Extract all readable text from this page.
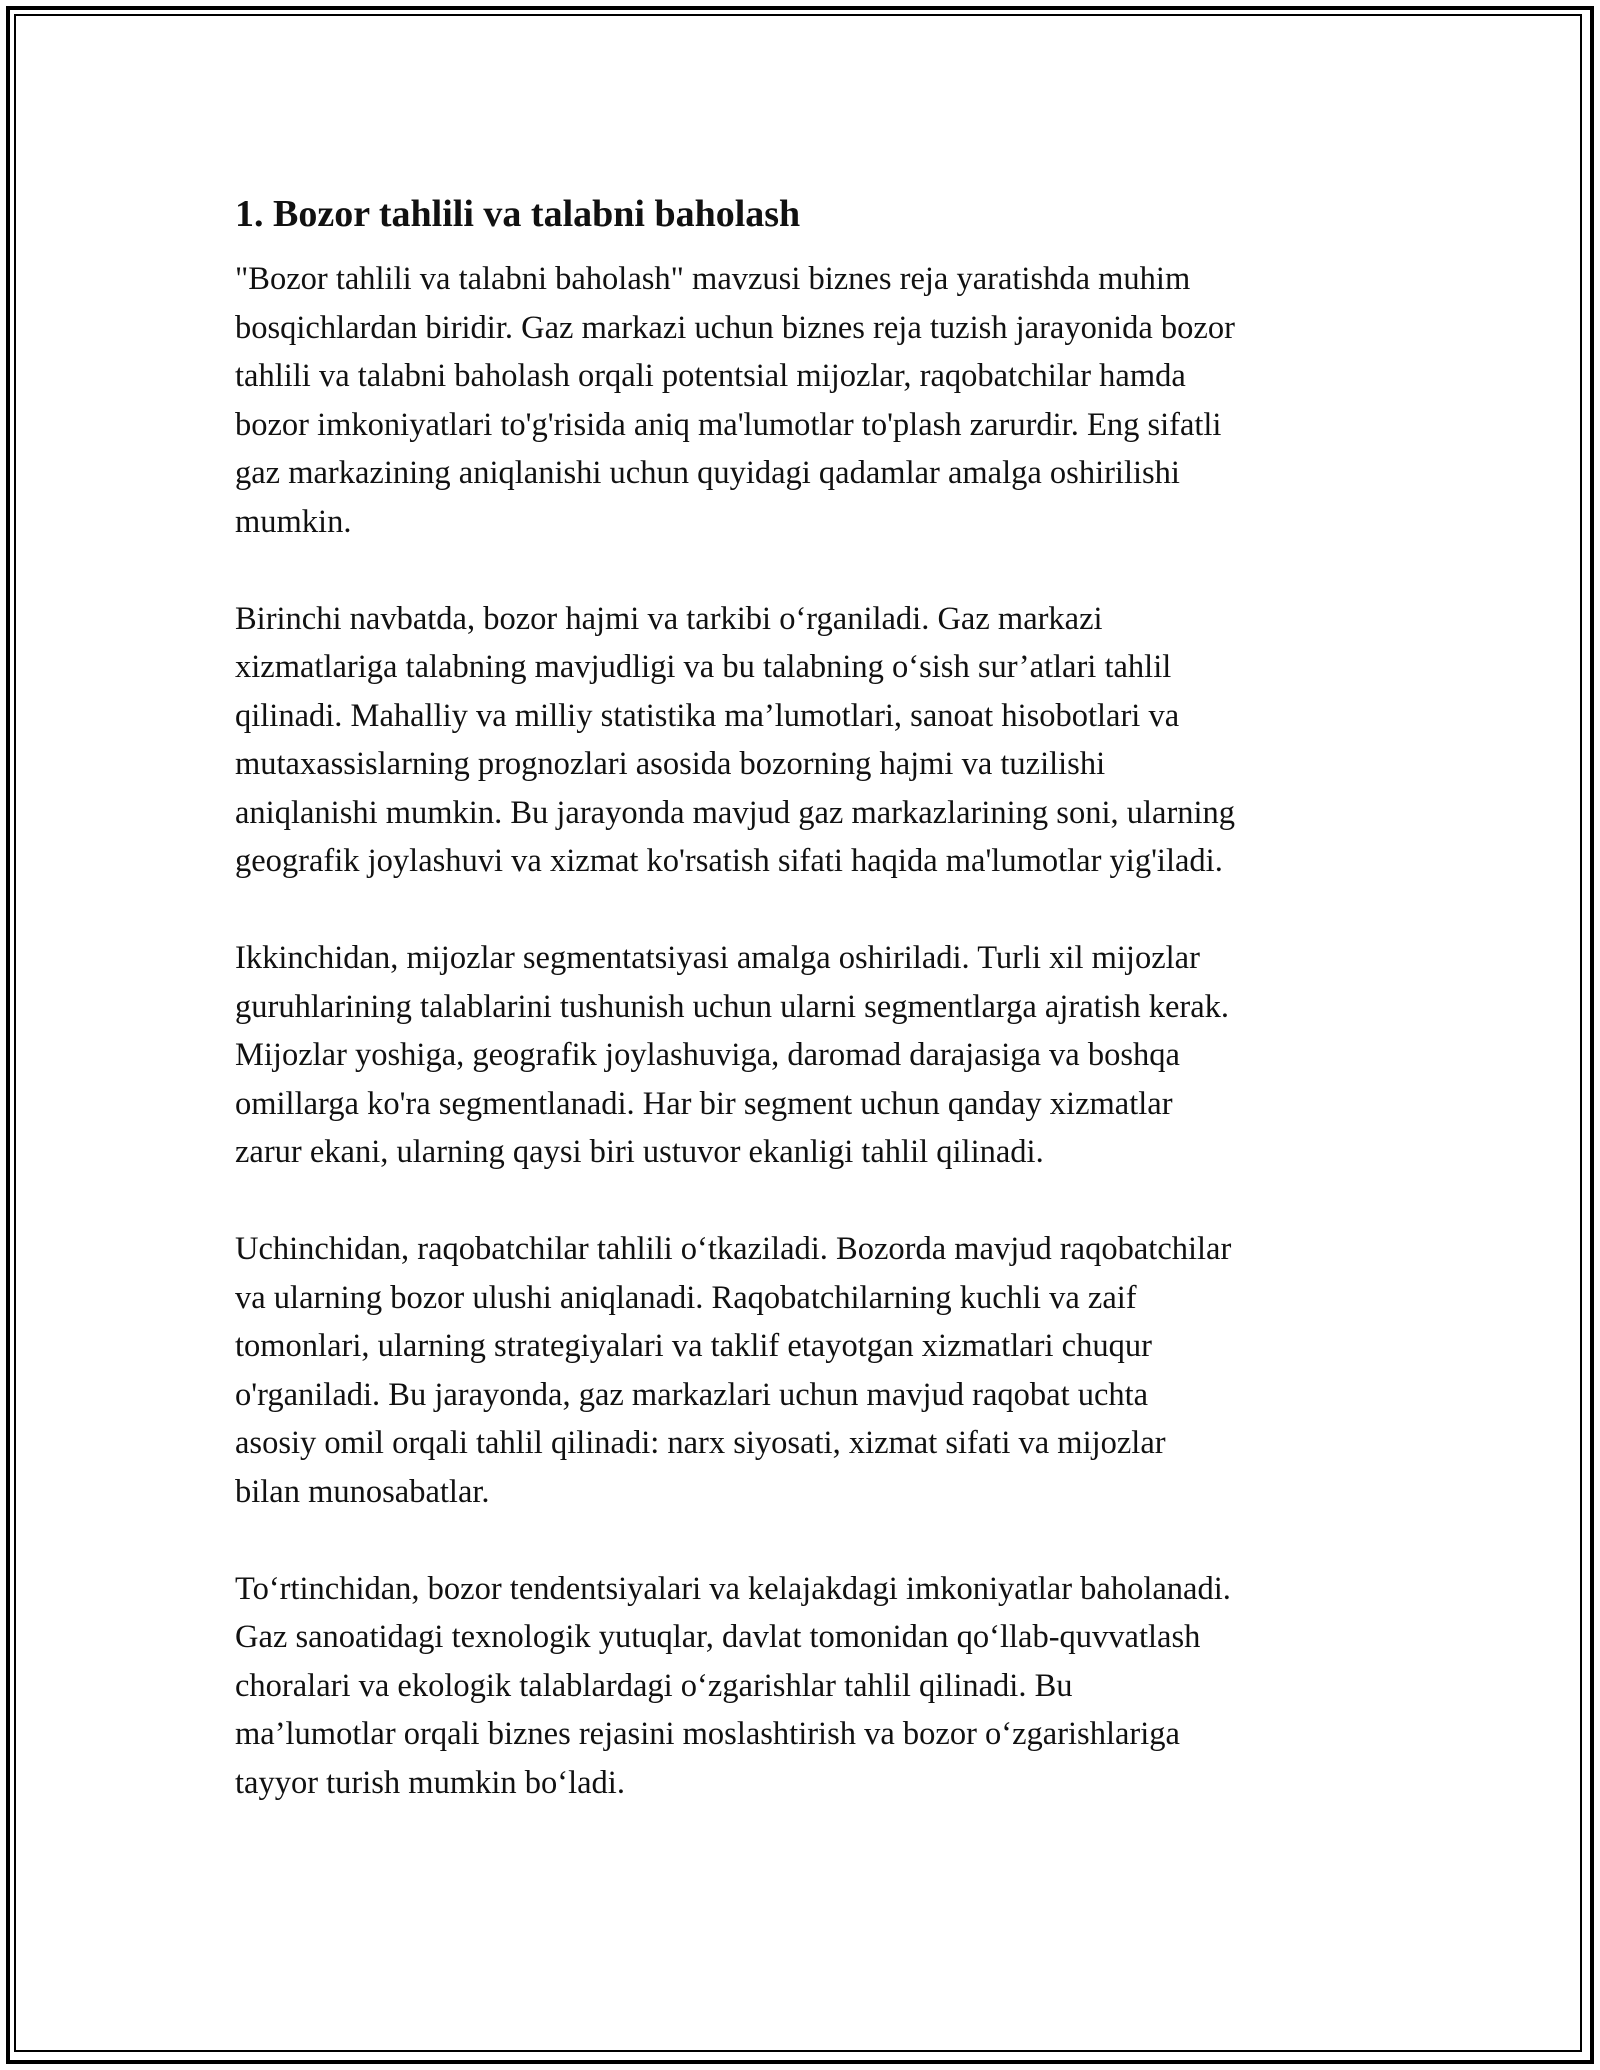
1. Bozor tahlili va talabni baholash
"Bozor tahlili va talabni baholash" mavzusi biznes reja yaratishda muhim
bosqichlardan biridir. Gaz markazi uchun biznes reja tuzish jarayonida bozor
tahlili va talabni baholash orqali potentsial mijozlar, raqobatchilar hamda
bozor imkoniyatlari to'g'risida aniq ma'lumotlar to'plash zarurdir. Eng sifatli
gaz markazining aniqlanishi uchun quyidagi qadamlar amalga oshirilishi
mumkin.
Birinchi navbatda, bozor hajmi va tarkibi o‘rganiladi. Gaz markazi
xizmatlariga talabning mavjudligi va bu talabning o‘sish sur’atlari tahlil
qilinadi. Mahalliy va milliy statistika ma’lumotlari, sanoat hisobotlari va
mutaxassislarning prognozlari asosida bozorning hajmi va tuzilishi
aniqlanishi mumkin. Bu jarayonda mavjud gaz markazlarining soni, ularning
geografik joylashuvi va xizmat ko'rsatish sifati haqida ma'lumotlar yig'iladi.
Ikkinchidan, mijozlar segmentatsiyasi amalga oshiriladi. Turli xil mijozlar
guruhlarining talablarini tushunish uchun ularni segmentlarga ajratish kerak.
Mijozlar yoshiga, geografik joylashuviga, daromad darajasiga va boshqa
omillarga ko'ra segmentlanadi. Har bir segment uchun qanday xizmatlar
zarur ekani, ularning qaysi biri ustuvor ekanligi tahlil qilinadi.
Uchinchidan, raqobatchilar tahlili o‘tkaziladi. Bozorda mavjud raqobatchilar
va ularning bozor ulushi aniqlanadi. Raqobatchilarning kuchli va zaif
tomonlari, ularning strategiyalari va taklif etayotgan xizmatlari chuqur
o'rganiladi. Bu jarayonda, gaz markazlari uchun mavjud raqobat uchta
asosiy omil orqali tahlil qilinadi: narx siyosati, xizmat sifati va mijozlar
bilan munosabatlar.
To‘rtinchidan, bozor tendentsiyalari va kelajakdagi imkoniyatlar baholanadi.
Gaz sanoatidagi texnologik yutuqlar, davlat tomonidan qo‘llab-quvvatlash
choralari va ekologik talablardagi o‘zgarishlar tahlil qilinadi. Bu
ma’lumotlar orqali biznes rejasini moslashtirish va bozor o‘zgarishlariga
tayyor turish mumkin bo‘ladi.
